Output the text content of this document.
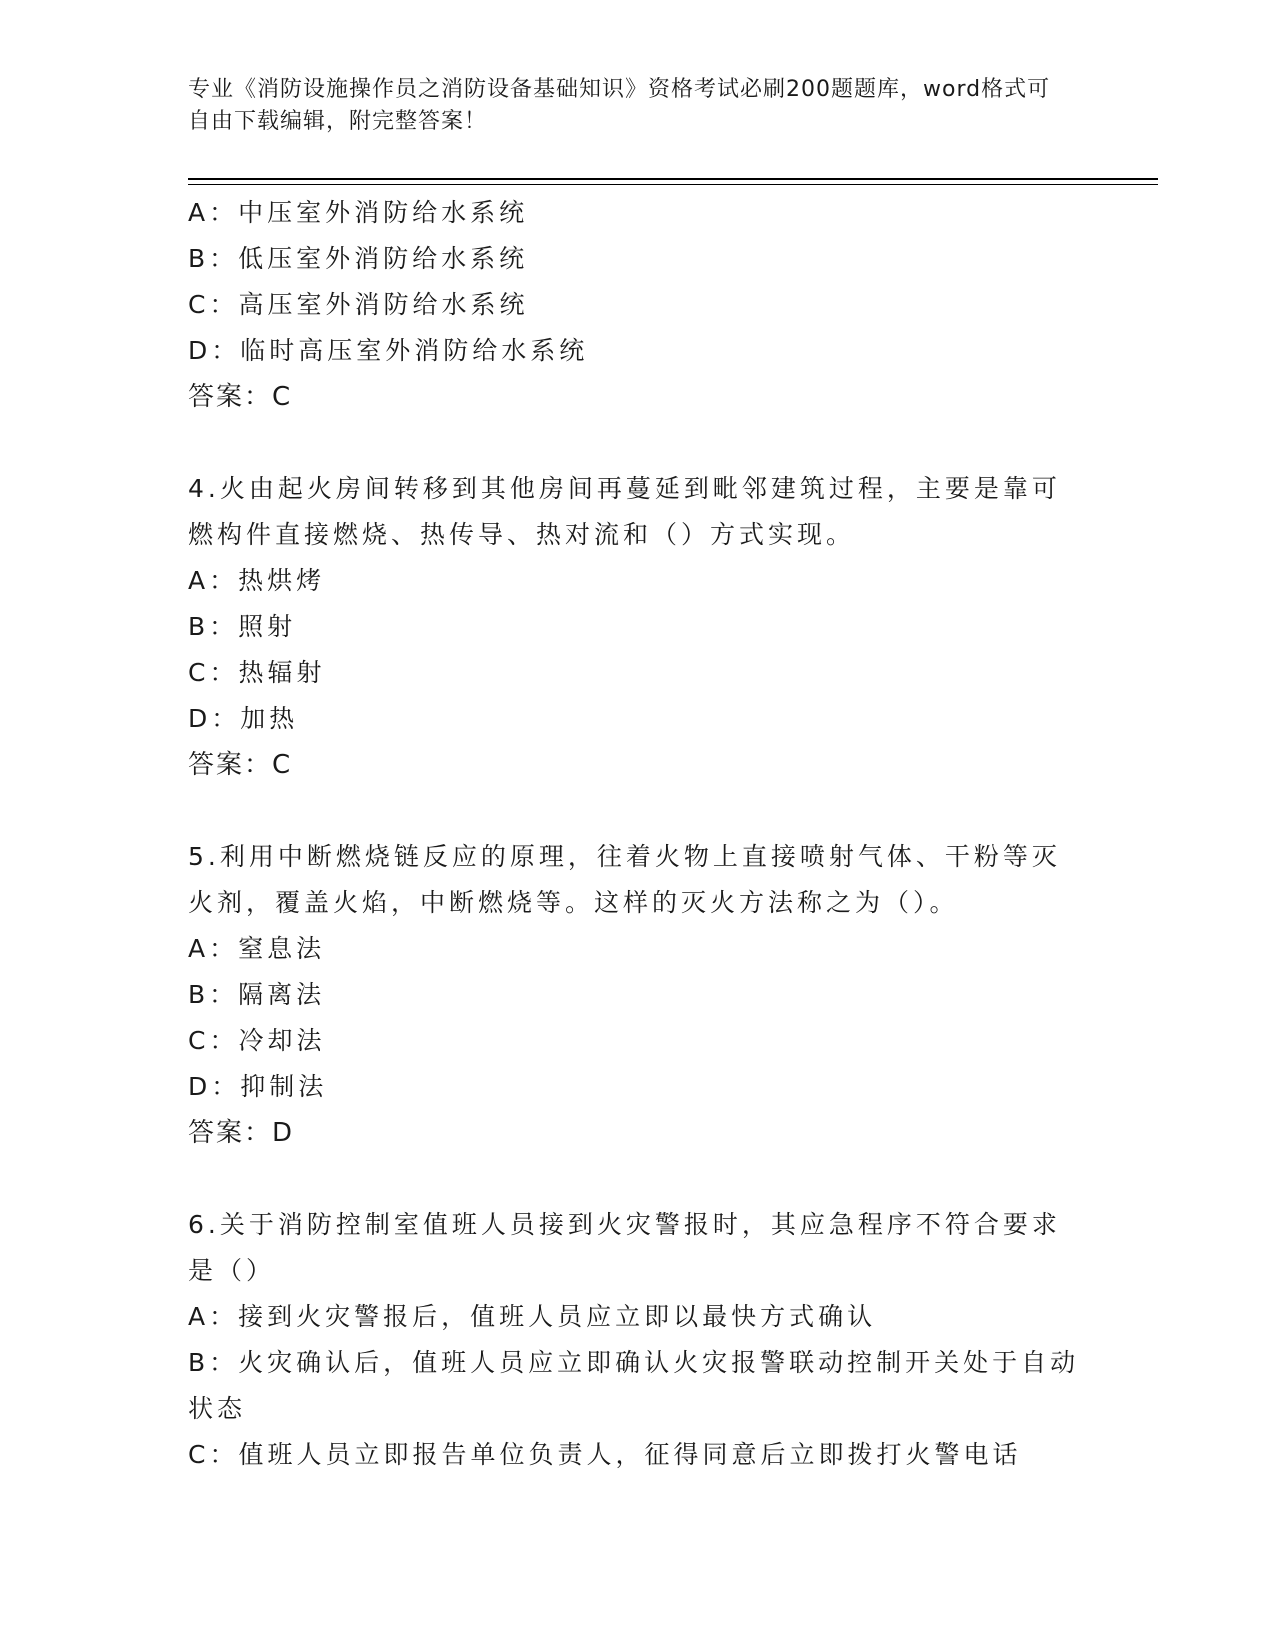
专业《消防设施操作员之消防设备基础知识》资格考试必刷200题题库，word格式可自由下载编辑，附完整答案！
A：中压室外消防给水系统
B：低压室外消防给水系统
C：高压室外消防给水系统
D：临时高压室外消防给水系统
答案：C
4.火由起火房间转移到其他房间再蔓延到毗邻建筑过程，主要是靠可燃构件直接燃烧、热传导、热对流和（）方式实现。
A：热烘烤
B：照射
C：热辐射
D：加热
答案：C
5.利用中断燃烧链反应的原理，往着火物上直接喷射气体、干粉等灭火剂，覆盖火焰，中断燃烧等。这样的灭火方法称之为（）。
A：窒息法
B：隔离法
C：冷却法
D：抑制法
答案：D
6.关于消防控制室值班人员接到火灾警报时，其应急程序不符合要求是（）
A：接到火灾警报后，值班人员应立即以最快方式确认
B：火灾确认后，值班人员应立即确认火灾报警联动控制开关处于自动状态
C：值班人员立即报告单位负责人，征得同意后立即拨打火警电话
